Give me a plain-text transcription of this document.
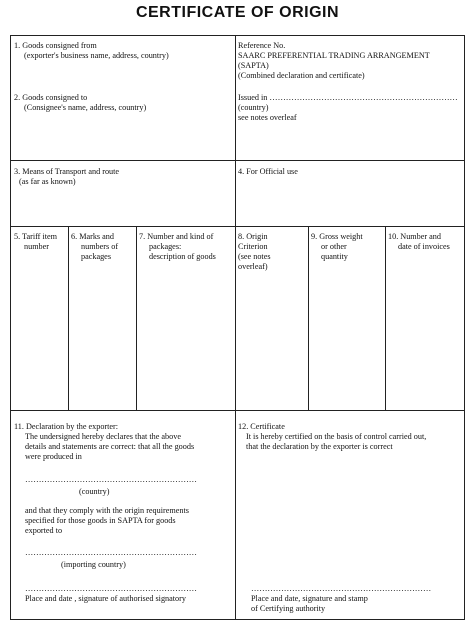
CERTIFICATE OF ORIGIN
1. Goods consigned from
(exporter's business name, address, country)
2. Goods consigned to
(Consignee's name, address, country)
Reference No.
SAARC PREFERENTIAL TRADING ARRANGEMENT
(SAPTA)
(Combined declaration and certificate)
Issued in ……………………………………………………………
(country)
see notes overleaf
3. Means of Transport and route
(as far as known)
4. For Official use
5. Tariff item
number
6. Marks and
numbers of
packages
7. Number and kind of
packages:
description of goods
8. Origin
Criterion
(see notes
overleaf)
9. Gross weight
or other
quantity
10. Number and
date of invoices
11. Declaration by the exporter:
The undersigned hereby declares that the above
details and statements are correct: that all the goods
were produced in
………………………………………………………
(country)
and that they comply with the origin requirements
specified for those goods in SAPTA for goods
exported to
………………………………………………………
(importing country)
………………………………………………………
Place and date , signature of authorised signatory
12. Certificate
It is hereby certified on the basis of control carried out,
that the declaration by the exporter is correct
…………………………………………………………
Place and date, signature and stamp
of Certifying authority
